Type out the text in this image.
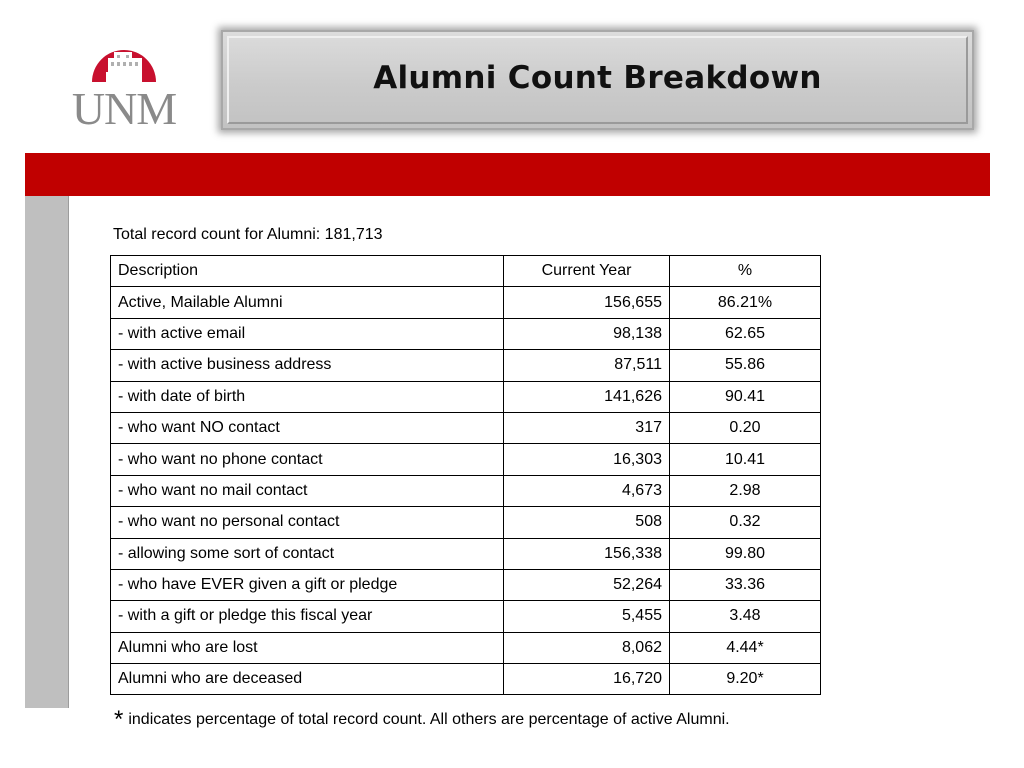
UNM
Alumni Count Breakdown
Total record count for Alumni: 181,713
Description	Current Year	%
Active, Mailable Alumni	156,655	86.21%
- with active email	98,138	62.65
- with active business address	87,511	55.86
- with date of birth	141,626	90.41
- who want NO contact	317	0.20
- who want no phone contact	16,303	10.41
- who want no mail contact	4,673	2.98
- who want no personal contact	508	0.32
- allowing some sort of contact	156,338	99.80
- who have EVER given a gift or pledge	52,264	33.36
- with a gift or pledge this fiscal year	5,455	3.48
Alumni who are lost	8,062	4.44*
Alumni who are deceased	16,720	9.20*
* indicates percentage of total record count. All others are percentage of active Alumni.
